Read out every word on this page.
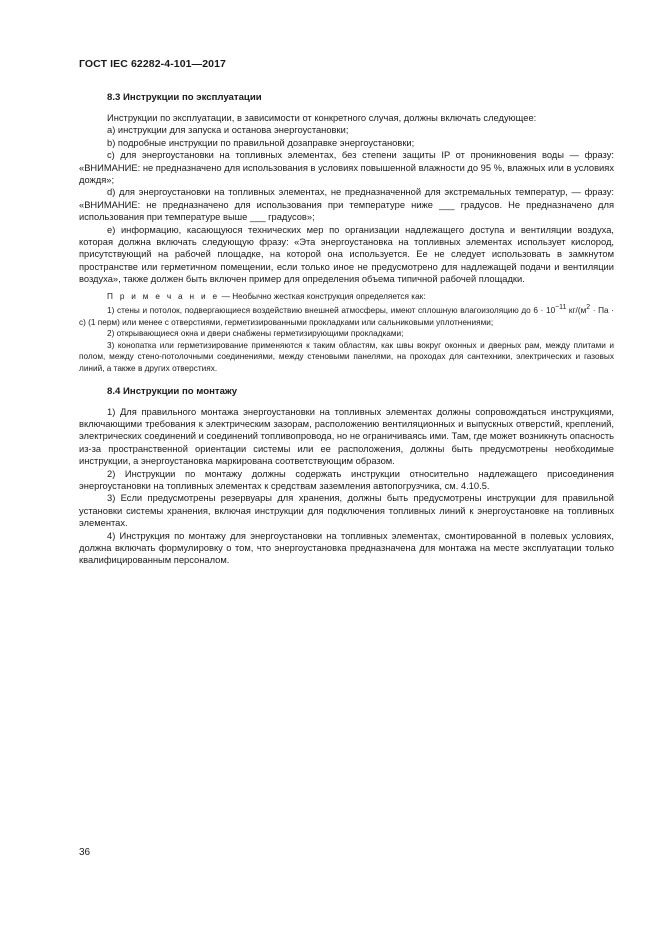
ГОСТ IEC 62282-4-101—2017
8.3 Инструкции по эксплуатации

Инструкции по эксплуатации, в зависимости от конкретного случая, должны включать следующее:

а) инструкции для запуска и останова энергоустановки;

b) подробные инструкции по правильной дозаправке энергоустановки;

c) для энергоустановки на топливных элементах, без степени защиты IP от проникновения воды — фразу: «ВНИМАНИЕ: не предназначено для использования в условиях повышенной влажности до 95 %, влажных или в условиях дождя»;

d) для энергоустановки на топливных элементах, не предназначенной для экстремальных температур, — фразу: «ВНИМАНИЕ: не предназначено для использования при температуре ниже ___ градусов. Не предназначено для использования при температуре выше ___ градусов»;

е) информацию, касающуюся технических мер по организации надлежащего доступа и вентиляции воздуха, которая должна включать следующую фразу: «Эта энергоустановка на топливных элементах использует кислород, присутствующий на рабочей площадке, на которой она используется. Ее не следует использовать в замкнутом пространстве или герметичном помещении, если только иное не предусмотрено для надлежащей подачи и вентиляции воздуха», также должен быть включен пример для определения объема типичной рабочей площадки.

П р и м е ч а н и е — Необычно жесткая конструкция определяется как:

1) стены и потолок, подвергающиеся воздействию внешней атмосферы, имеют сплошную влагоизоляцию до $6 \cdot 10^{-11}$ $кг/(м^2$ · Па · с) (1 перм) или менее с отверстиями, герметизированными прокладками или сальниковыми уплотнениями;

2) открывающиеся окна и двери снабжены герметизирующими прокладками;

3) конопатка или герметизирование применяются к таким областям, как швы вокруг оконных и дверных рам, между плитами и полом, между стено-потолочными соединениями, между стеновыми панелями, на проходах для сантехники, электрических и газовых линий, а также в других отверстиях.

8.4 Инструкции по монтажу

1) Для правильного монтажа энергоустановки на топливных элементах должны сопровождаться инструкциями, включающими требования к электрическим зазорам, расположению вентиляционных и выпускных отверстий, креплений, электрических соединений и соединений топливопровода, но не ограничиваясь ими. Там, где может возникнуть опасность из-за пространственной ориентации системы или ее расположения, должны быть предусмотрены необходимые инструкции, а энергоустановка маркирована соответствующим образом.

2) Инструкции по монтажу должны содержать инструкции относительно надлежащего присоединения энергоустановки на топливных элементах к средствам заземления автопогрузчика, см. 4.10.5.

3) Если предусмотрены резервуары для хранения, должны быть предусмотрены инструкции для правильной установки системы хранения, включая инструкции для подключения топливных линий к энергоустановке на топливных элементах.

4) Инструкция по монтажу для энергоустановки на топливных элементах, смонтированной в полевых условиях, должна включать формулировку о том, что энергоустановка предназначена для монтажа на месте эксплуатации только квалифицированным персоналом.

36
